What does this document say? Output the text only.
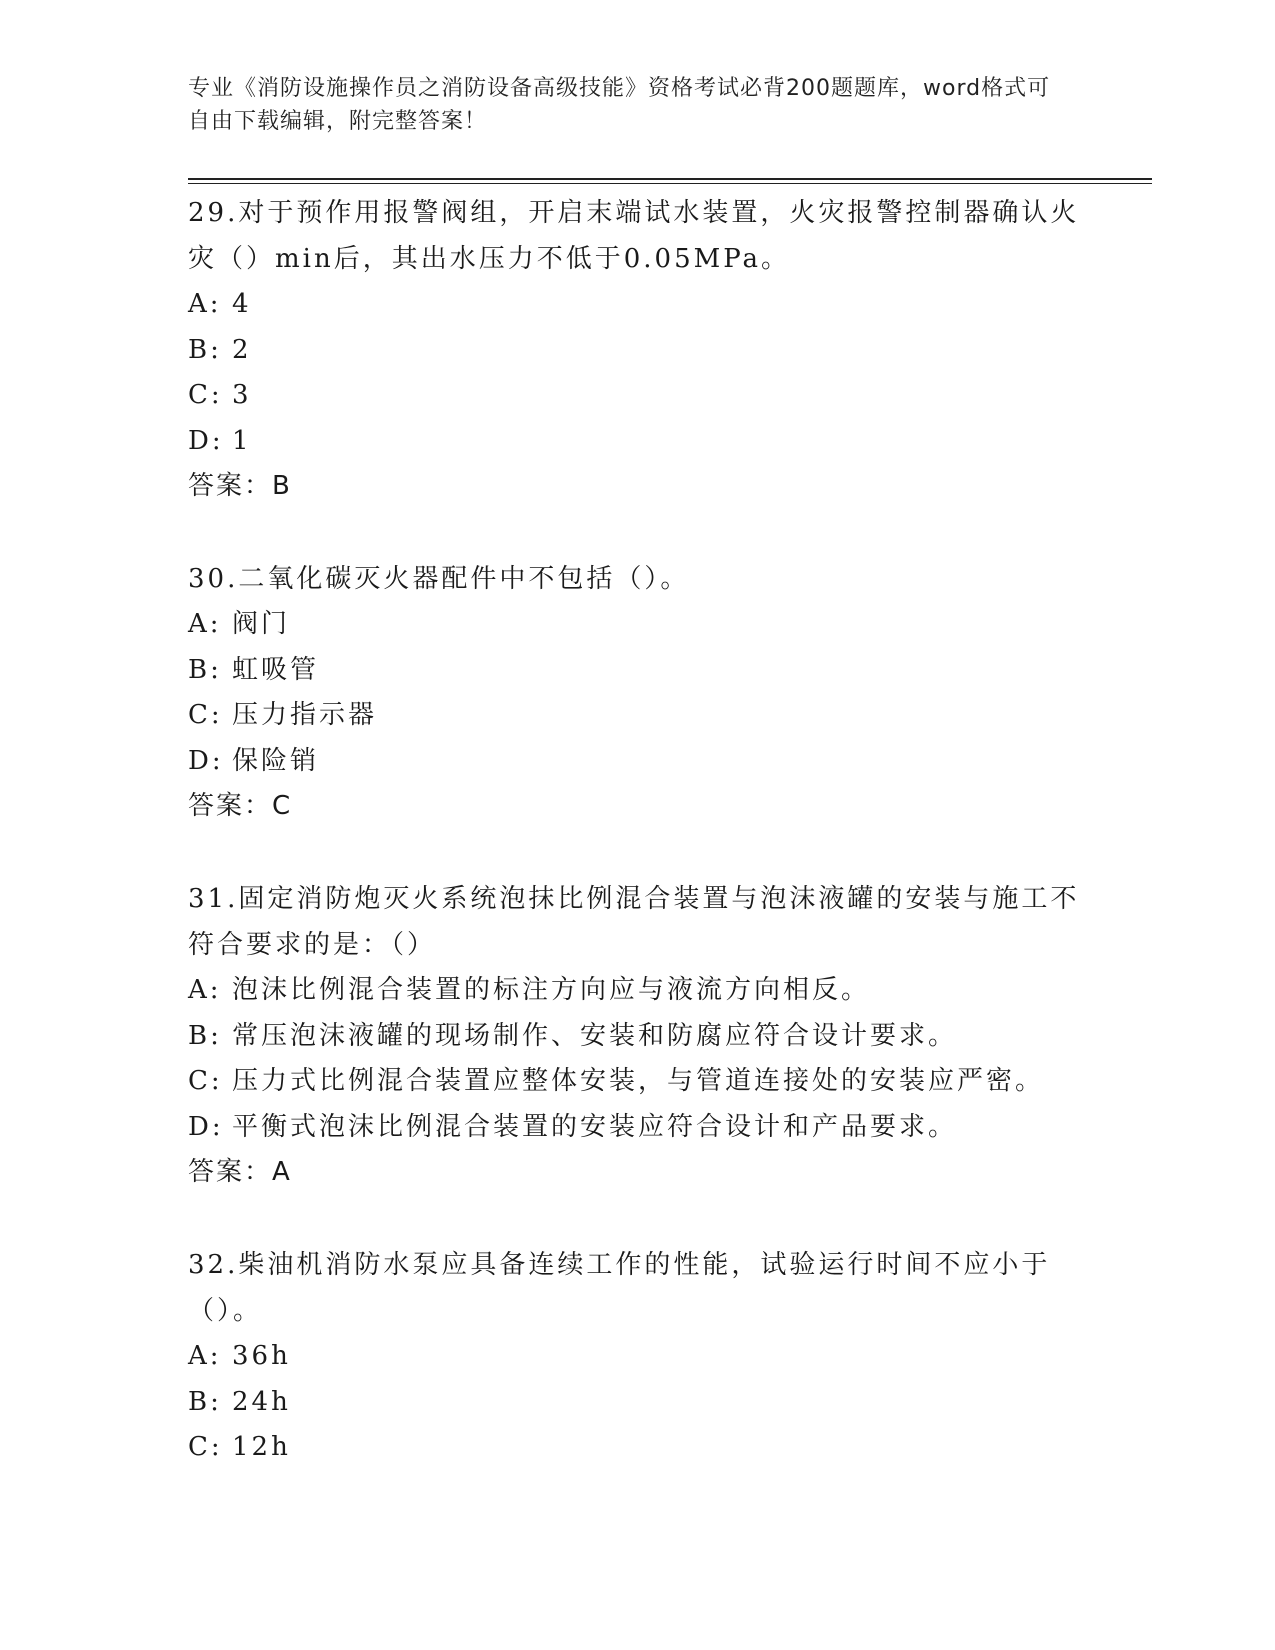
专业《消防设施操作员之消防设备高级技能》资格考试必背200题题库，word格式可自由下载编辑，附完整答案！

29.对于预作用报警阀组，开启末端试水装置，火灾报警控制器确认火灾（）min后，其出水压力不低于0.05MPa。

A: 4

B: 2

C: 3

D: 1

答案：B

30.二氧化碳灭火器配件中不包括（）。

A: 阀门

B: 虹吸管

C: 压力指示器

D: 保险销

答案：C

31.固定消防炮灭火系统泡抹比例混合装置与泡沫液罐的安装与施工不符合要求的是：（）

A: 泡沫比例混合装置的标注方向应与液流方向相反。

B: 常压泡沫液罐的现场制作、安装和防腐应符合设计要求。

C: 压力式比例混合装置应整体安装，与管道连接处的安装应严密。

D: 平衡式泡沫比例混合装置的安装应符合设计和产品要求。

答案：A

32.柴油机消防水泵应具备连续工作的性能，试验运行时间不应小于（）。

A: 36h

B: 24h

C: 12h
